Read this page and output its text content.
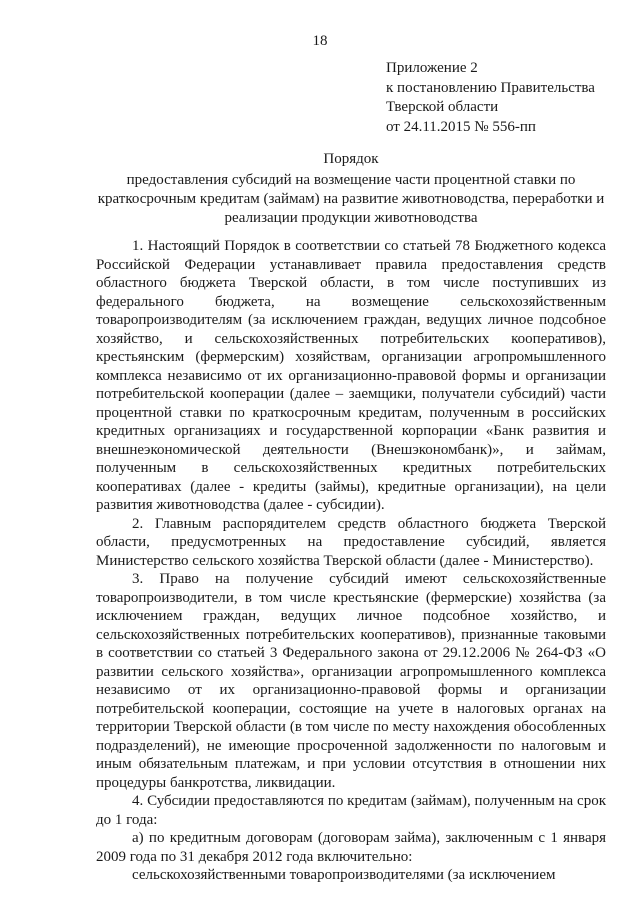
18
Приложение 2
к постановлению Правительства
Тверской области
от 24.11.2015 № 556-пп
Порядок
предоставления субсидий на возмещение части процентной ставки по краткосрочным кредитам (займам) на развитие животноводства, переработки и реализации продукции животноводства

1. Настоящий Порядок в соответствии со статьей 78 Бюджетного кодекса Российской Федерации устанавливает правила предоставления средств областного бюджета Тверской области, в том числе поступивших из федерального бюджета, на возмещение сельскохозяйственным товаропроизводителям (за исключением граждан, ведущих личное подсобное хозяйство, и сельскохозяйственных потребительских кооперативов), крестьянским (фермерским) хозяйствам, организации агропромышленного комплекса независимо от их организационно-правовой формы и организации потребительской кооперации (далее – заемщики, получатели субсидий) части процентной ставки по краткосрочным кредитам, полученным в российских кредитных организациях и государственной корпорации «Банк развития и внешнеэкономической деятельности (Внешэкономбанк)», и займам, полученным в сельскохозяйственных кредитных потребительских кооперативах (далее - кредиты (займы), кредитные организации), на цели развития животноводства (далее - субсидии).

2. Главным распорядителем средств областного бюджета Тверской области, предусмотренных на предоставление субсидий, является Министерство сельского хозяйства Тверской области (далее - Министерство).

3. Право на получение субсидий имеют сельскохозяйственные товаропроизводители, в том числе крестьянские (фермерские) хозяйства (за исключением граждан, ведущих личное подсобное хозяйство, и сельскохозяйственных потребительских кооперативов), признанные таковыми в соответствии со статьей 3 Федерального закона от 29.12.2006 № 264-ФЗ «О развитии сельского хозяйства», организации агропромышленного комплекса независимо от их организационно-правовой формы и организации потребительской кооперации, состоящие на учете в налоговых органах на территории Тверской области (в том числе по месту нахождения обособленных подразделений), не имеющие просроченной задолженности по налоговым и иным обязательным платежам, и при условии отсутствия в отношении них процедуры банкротства, ликвидации.

4. Субсидии предоставляются по кредитам (займам), полученным на срок до 1 года:

а) по кредитным договорам (договорам займа), заключенным с 1 января 2009 года по 31 декабря 2012 года включительно:

сельскохозяйственными товаропроизводителями (за исключением
